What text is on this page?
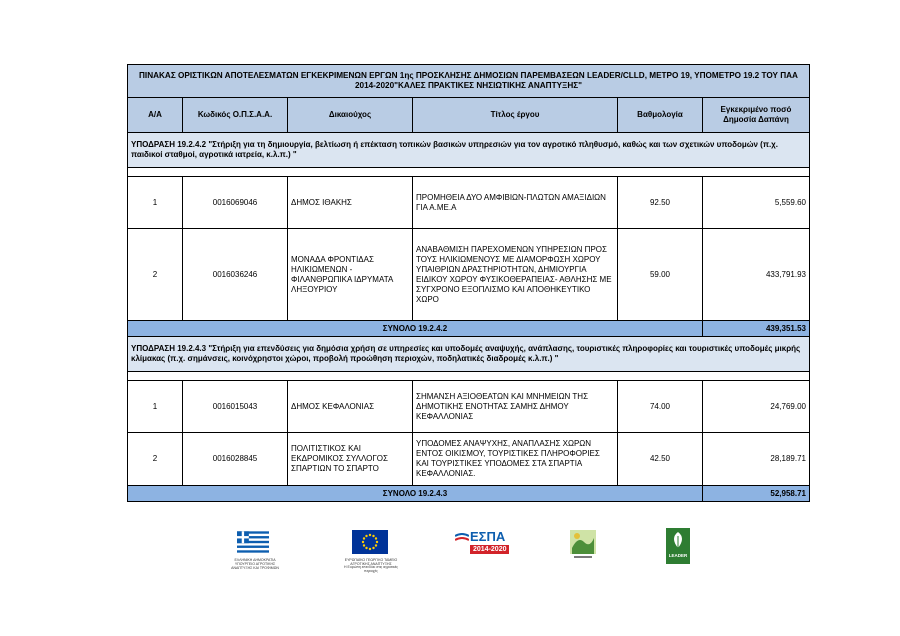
ΠΙΝΑΚΑΣ ΟΡΙΣΤΙΚΩΝ ΑΠΟΤΕΛΕΣΜΑΤΩΝ ΕΓΚΕΚΡΙΜΕΝΩΝ ΕΡΓΩΝ 1ης ΠΡΟΣΚΛΗΣΗΣ ΔΗΜΟΣΙΩΝ ΠΑΡΕΜΒΑΣΕΩΝ LEADER/CLLD, ΜΕΤΡΟ 19, ΥΠΟΜΕΤΡΟ 19.2 ΤΟΥ ΠΑΑ 2014-2020"ΚΑΛΕΣ ΠΡΑΚΤΙΚΕΣ ΝΗΣΙΩΤΙΚΗΣ ΑΝΑΠΤΥΞΗΣ"					
Α/Α	Κωδικός Ο.Π.Σ.Α.Α.	Δικαιούχος	Τίτλος έργου	Βαθμολογία	Εγκεκριμένο ποσό Δημοσία Δαπάνη
ΥΠΟΔΡΑΣΗ 19.2.4.2 "Στήριξη για τη δημιουργία, βελτίωση ή επέκταση τοπικών βασικών υπηρεσιών για τον αγροτικό πληθυσμό, καθώς και των σχετικών υποδομών (π.χ. παιδικοί σταθμοί, αγροτικά ιατρεία, κ.λ.π.) "					

1	0016069046	ΔΗΜΟΣ ΙΘΑΚΗΣ	ΠΡΟΜΗΘΕΙΑ ΔΥΟ ΑΜΦΙΒΙΩΝ-ΠΛΩΤΩΝ ΑΜΑΞΙΔΙΩΝ ΓΙΑ Α.ΜΕ.Α	92.50	5,559.60
2	0016036246	ΜΟΝΑΔΑ ΦΡΟΝΤΙΔΑΣ ΗΛΙΚΙΩΜΕΝΩΝ - ΦΙΛΑΝΘΡΩΠΙΚΑ ΙΔΡΥΜΑΤΑ ΛΗΞΟΥΡΙΟΥ	ΑΝΑΒΑΘΜΙΣΗ ΠΑΡΕΧΟΜΕΝΩΝ ΥΠΗΡΕΣΙΩΝ ΠΡΟΣ ΤΟΥΣ ΗΛΙΚΙΩΜΕΝΟΥΣ ΜΕ ΔΙΑΜΟΡΦΩΣΗ ΧΩΡΟΥ ΥΠΑΙΘΡΙΩΝ ΔΡΑΣΤΗΡΙΟΤΗΤΩΝ, ΔΗΜΙΟΥΡΓΙΑ ΕΙΔΙΚΟΥ ΧΩΡΟΥ ΦΥΣΙΚΟΘΕΡΑΠΕΙΑΣ- ΑΘΛΗΣΗΣ ΜΕ ΣΥΓΧΡΟΝΟ ΕΞΟΠΛΙΣΜΟ ΚΑΙ ΑΠΟΘΗΚΕΥΤΙΚΟ ΧΩΡΟ	59.00	433,791.93
ΣΥΝΟΛΟ 19.2.4.2					439,351.53
ΥΠΟΔΡΑΣΗ 19.2.4.3 "Στήριξη για επενδύσεις για δημόσια χρήση σε υπηρεσίες και υποδομές αναψυχής, ανάπλασης, τουριστικές πληροφορίες και τουριστικές υποδομές μικρής κλίμακας (π.χ. σημάνσεις, κοινόχρηστοι χώροι, προβολή προώθηση περιοχών, ποδηλατικές διαδρομές κ.λ.π.) "					

1	0016015043	ΔΗΜΟΣ ΚΕΦΑΛΟΝΙΑΣ	ΣΗΜΑΝΣΗ ΑΞΙΟΘΕΑΤΩΝ ΚΑΙ ΜΝΗΜΕΙΩΝ ΤΗΣ ΔΗΜΟΤΙΚΗΣ ΕΝΟΤΗΤΑΣ ΣΑΜΗΣ ΔΗΜΟΥ ΚΕΦΑΛΛΟΝΙΑΣ	74.00	24,769.00
2	0016028845	ΠΟΛΙΤΙΣΤΙΚΟΣ ΚΑΙ ΕΚΔΡΟΜΙΚΟΣ ΣΥΛΛΟΓΟΣ ΣΠΑΡΤΙΩΝ ΤΟ ΣΠΑΡΤΟ	ΥΠΟΔΟΜΕΣ ΑΝΑΨΥΧΗΣ, ΑΝΑΠΛΑΣΗΣ ΧΩΡΩΝ ΕΝΤΟΣ ΟΙΚΙΣΜΟΥ, ΤΟΥΡΙΣΤΙΚΕΣ ΠΛΗΡΟΦΟΡΙΕΣ ΚΑΙ ΤΟΥΡΙΣΤΙΚΕΣ ΥΠΟΔΟΜΕΣ ΣΤΑ ΣΠΑΡΤΙΑ ΚΕΦΑΛΛΟΝΙΑΣ.	42.50	28,189.71
ΣΥΝΟΛΟ 19.2.4.3					52,958.71
ΕΛΛΗΝΙΚΗ ΔΗΜΟΚΡΑΤΙΑ ΥΠΟΥΡΓΕΙΟ ΑΓΡΟΤΙΚΗΣ ΑΝΑΠΤΥΞΗΣ ΚΑΙ ΤΡΟΦΙΜΩΝ
ΕΥΡΩΠΑΪΚΟ ΓΕΩΡΓΙΚΟ ΤΑΜΕΙΟ ΑΓΡΟΤΙΚΗΣ ΑΝΑΠΤΥΞΗΣ
Η Ευρώπη επενδύει στις αγροτικές περιοχές
ΕΣΠΑ
2014-2020
LEADER
